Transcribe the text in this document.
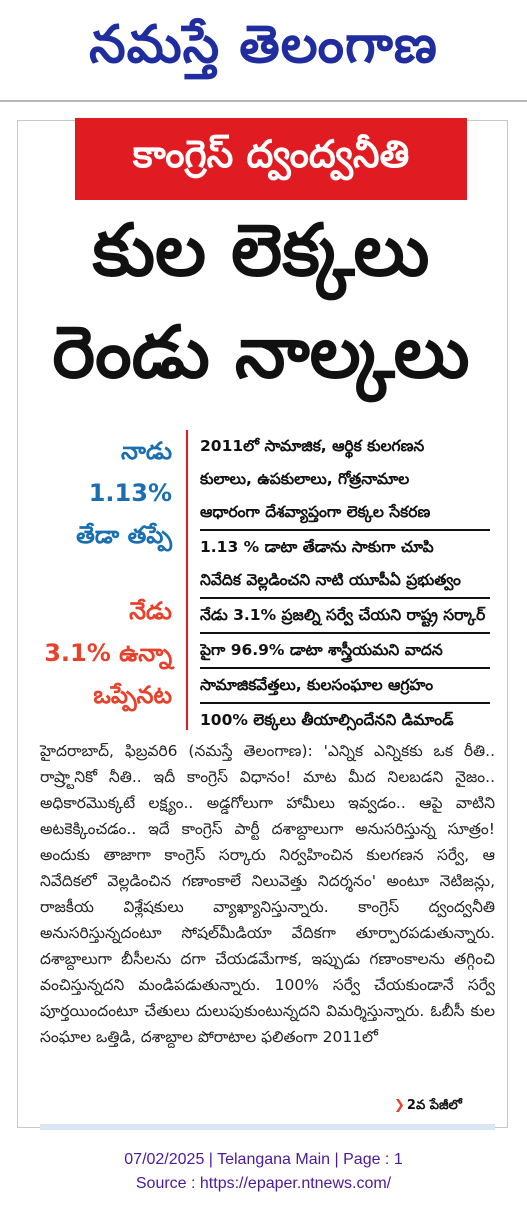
నమస్తే తెలంగాణ
కాంగ్రెస్ ద్వంద్వనీతి
కుల లెక్కలు
రెండు నాల్కలు
నాడు
1.13%
తేడా తప్పే
నేడు
3.1% ఉన్నా
ఒప్పేనట
2011లో సామాజిక, ఆర్థిక కులగణన
కులాలు, ఉపకులాలు, గోత్రనామాల
ఆధారంగా దేశవ్యాప్తంగా లెక్కల సేకరణ
1.13 % డాటా తేడాను సాకుగా చూపి
నివేదిక వెల్లడించని నాటి యూపీఏ ప్రభుత్వం
నేడు 3.1% ప్రజల్ని సర్వే చేయని రాష్ట్ర సర్కార్
పైగా 96.9% డాటా శాస్త్రీయమని వాదన
సామాజికవేత్తలు, కులసంఘాల ఆగ్రహం
100% లెక్కలు తీయాల్సిందేనని డిమాండ్

హైదరాబాద్, ఫిబ్రవరి6 (నమస్తే తెలంగాణ): 'ఎన్నిక ఎన్నికకు ఒక రీతి.. రాష్ర్టానికో నీతి.. ఇదీ కాంగ్రెస్ విధానం! మాట మీద నిలబడని నైజం.. అధికారమొక్కటే లక్ష్యం.. అడ్డగోలుగా హామీలు ఇవ్వడం.. ఆపై వాటిని అటకెక్కించడం.. ఇదే కాంగ్రెస్ పార్టీ దశాబ్దాలుగా అనుసరిస్తున్న సూత్రం! అందుకు తాజాగా కాంగ్రెస్ సర్కారు నిర్వహించిన కులగణన సర్వే, ఆ నివేదికలో వెల్లడించిన గణాంకాలే నిలువెత్తు నిదర్శనం' అంటూ నెటిజన్లు, రాజకీయ విశ్లేషకులు వ్యాఖ్యానిస్తున్నారు. కాంగ్రెస్ ద్వంద్వనీతి అనుసరిస్తున్నదంటూ సోషల్‌మీడియా వేదికగా తూర్పారపడుతున్నారు. దశాబ్దాలుగా బీసీలను దగా చేయడమేగాక, ఇప్పుడు గణాంకాలను తగ్గించి వంచిస్తున్నదని మండిపడుతున్నారు. 100% సర్వే చేయకుండానే సర్వే పూర్తయిందంటూ చేతులు దులుపుకుంటున్నదని విమర్శిస్తున్నారు. ఓబీసీ కుల సంఘాల ఒత్తిడి, దశాబ్దాల పోరాటాల ఫలితంగా 2011లో

❯ 2వ పేజీలో
07/02/2025 | Telangana Main | Page : 1
Source : https://epaper.ntnews.com/
